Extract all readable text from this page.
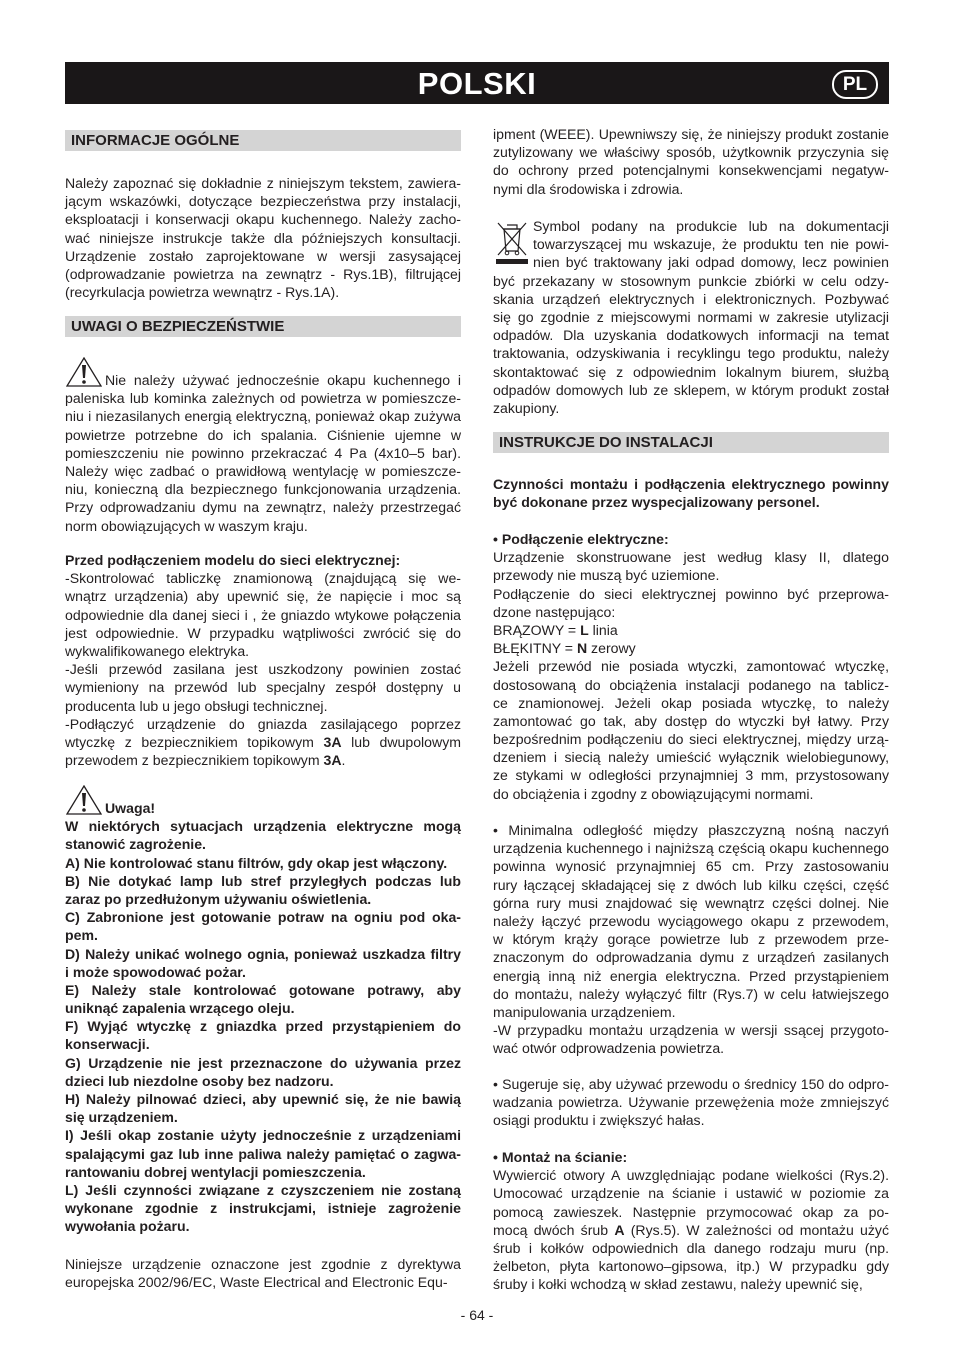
POLSKI	PL
INFORMACJE OGÓLNE
Należy zapoznać się dokładnie z niniejszym tekstem, zawiera-
jącym wskazówki, dotyczące bezpieczeństwa przy instalacji,
eksploatacji i konserwacji okapu kuchennego. Należy zacho-
wać niniejsze instrukcje także dla późniejszych konsultacji.
Urządzenie zostało zaprojektowane w wersji zasysającej
(odprowadzanie powietrza na zewnątrz - Rys.1B), filtrującej
(recyrkulacja powietrza wewnątrz - Rys.1A).
UWAGI O BEZPIECZEŃSTWIE
Nie należy używać jednocześnie okapu kuchennego i
paleniska lub kominka zależnych od powietrza w pomieszcze-
niu i niezasilanych energią elektryczną, ponieważ okap zużywa
powietrze potrzebne do ich spalania. Ciśnienie ujemne w
pomieszczeniu nie powinno przekraczać 4 Pa (4x10–5 bar).
Należy więc zadbać o prawidłową wentylację w pomieszcze-
niu, konieczną dla bezpiecznego funkcjonowania urządzenia.
Przy odprowadzaniu dymu na zewnątrz, należy przestrzegać
norm obowiązujących w waszym kraju.
Przed podłączeniem modelu do sieci elektrycznej:
-Skontrolować tabliczkę znamionową (znajdującą się we-
wnątrz urządzenia) aby upewnić się, że napięcie i moc są
odpowiednie dla danej sieci i , że gniazdo wtykowe połączenia
jest odpowiednie. W przypadku wątpliwości zwrócić się do
wykwalifikowanego elektryka.
-Jeśli przewód zasilana jest uszkodzony powinien zostać
wymieniony na przewód lub specjalny zespół dostępny u
producenta lub u jego obsługi technicznej.
-Podłączyć urządzenie do gniazda zasilającego poprzez
wtyczkę z bezpiecznikiem topikowym 3A lub dwupolowym
przewodem z bezpiecznikiem topikowym 3A.
Uwaga!
W niektórych sytuacjach urządzenia elektryczne mogą
stanowić zagrożenie.
A) Nie kontrolować stanu filtrów, gdy okap jest włączony.
B) Nie dotykać lamp lub stref przyległych podczas lub
zaraz po przedłużonym używaniu oświetlenia.
C) Zabronione jest gotowanie potraw na ogniu pod oka-
pem.
D) Należy unikać wolnego ognia, ponieważ uszkadza filtry
i może spowodować pożar.
E) Należy stale kontrolować gotowane potrawy, aby
uniknąć zapalenia wrzącego oleju.
F) Wyjąć wtyczkę z gniazdka przed przystąpieniem do
konserwacji.
G) Urządzenie nie jest przeznaczone do używania przez
dzieci lub niezdolne osoby bez nadzoru.
H) Należy pilnować dzieci, aby upewnić się, że nie bawią
się urządzeniem.
I) Jeśli okap zostanie użyty jednocześnie z urządzeniami
spalającymi gaz lub inne paliwa należy pamiętać o zagwa-
rantowaniu dobrej wentylacji pomieszczenia.
L) Jeśli czynności związane z czyszczeniem nie zostaną
wykonane zgodnie z instrukcjami, istnieje zagrożenie
wywołania pożaru.
Niniejsze urządzenie oznaczone jest zgodnie z dyrektywa
europejska 2002/96/EC, Waste Electrical and Electronic Equ-
ipment (WEEE). Upewniwszy się, że niniejszy produkt zostanie
zutylizowany we właściwy sposób, użytkownik przyczynia się
do ochrony przed potencjalnymi konsekwencjami negatyw-
nymi dla środowiska i zdrowia.
Symbol podany na produkcie lub na dokumentacji
towarzyszącej mu wskazuje, że produktu ten nie powi-
nien być traktowany jaki odpad domowy, lecz powinien
być przekazany w stosownym punkcie zbiórki w celu odzy-
skania urządzeń elektrycznych i elektronicznych. Pozbywać
się go zgodnie z miejscowymi normami w zakresie utylizacji
odpadów. Dla uzyskania dodatkowych informacji na temat
traktowania, odzyskiwania i recyklingu tego produktu, należy
skontaktować się z odpowiednim lokalnym biurem, służbą
odpadów domowych lub ze sklepem, w którym produkt został
zakupiony.
INSTRUKCJE DO INSTALACJI
Czynności montażu i podłączenia elektrycznego powinny
być dokonane przez wyspecjalizowany personel.
• Podłączenie elektryczne:
Urządzenie skonstruowane jest według klasy II, dlatego
przewody nie muszą być uziemione.
Podłączenie do sieci elektrycznej powinno być przeprowa-
dzone następująco:
BRĄZOWY = L linia
BŁĘKITNY = N zerowy
Jeżeli przewód nie posiada wtyczki, zamontować wtyczkę,
dostosowaną do obciążenia instalacji podanego na tablicz-
ce znamionowej. Jeżeli okap posiada wtyczkę, to należy
zamontować go tak, aby dostęp do wtyczki był łatwy. Przy
bezpośrednim podłączeniu do sieci elektrycznej, między urzą-
dzeniem i siecią należy umieścić wyłącznik wielobiegunowy,
ze stykami w odległości przynajmniej 3 mm, przystosowany
do obciążenia i zgodny z obowiązującymi normami.
• Minimalna odległość między płaszczyzną nośną naczyń
urządzenia kuchennego i najniższą częścią okapu kuchennego
powinna wynosić przynajmniej 65 cm. Przy zastosowaniu
rury łączącej składającej się z dwóch lub kilku części, część
górna rury musi znajdować się wewnątrz części dolnej. Nie
należy łączyć przewodu wyciągowego okapu z przewodem,
w którym krąży gorące powietrze lub z przewodem prze-
znaczonym do odprowadzania dymu z urządzeń zasilanych
energią inną niż energia elektryczna. Przed przystąpieniem
do montażu, należy wyłączyć filtr (Rys.7) w celu łatwiejszego
manipulowania urządzeniem.
-W przypadku montażu urządzenia w wersji ssącej przygoto-
wać otwór odprowadzenia powietrza.
• Sugeruje się, aby używać przewodu o średnicy 150 do odpro-
wadzania powietrza. Używanie przewężenia może zmniejszyć
osiągi produktu i zwiększyć hałas.
• Montaż na ścianie:
Wywiercić otwory A uwzględniając podane wielkości (Rys.2).
Umocować urządzenie na ścianie i ustawić w poziomie za
pomocą zawieszek. Następnie przymocować okap za po-
mocą dwóch śrub A (Rys.5). W zależności od montażu użyć
śrub i kołków odpowiednich dla danego rodzaju muru (np.
żelbeton, płyta kartonowo–gipsowa, itp.) W przypadku gdy
śruby i kołki wchodzą w skład zestawu, należy upewnić się,
- 64 -
